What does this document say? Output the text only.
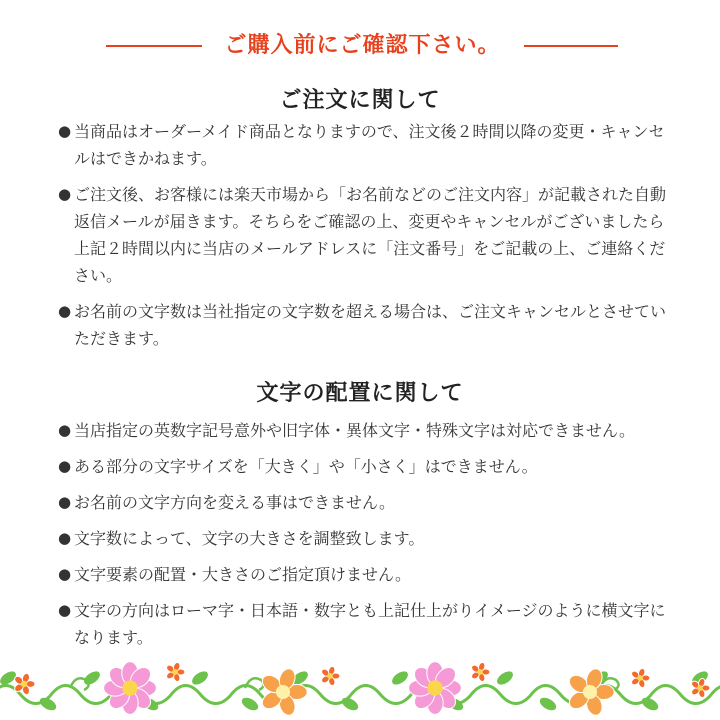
ご購入前にご確認下さい。
ご注文に関して
● 当商品はオーダーメイド商品となりますので、注文後２時間以降の変更・キャンセルはできかねます。
● ご注文後、お客様には楽天市場から「お名前などのご注文内容」が記載された自動返信メールが届きます。そちらをご確認の上、変更やキャンセルがございましたら上記２時間以内に当店のメールアドレスに「注文番号」をご記載の上、ご連絡ください。
● お名前の文字数は当社指定の文字数を超える場合は、ご注文キャンセルとさせていただきます。
文字の配置に関して
● 当店指定の英数字記号意外や旧字体・異体文字・特殊文字は対応できません。
● ある部分の文字サイズを「大きく」や「小さく」はできません。
● お名前の文字方向を変える事はできません。
● 文字数によって、文字の大きさを調整致します。
● 文字要素の配置・大きさのご指定頂けません。
● 文字の方向はローマ字・日本語・数字とも上記仕上がりイメージのように横文字になります。
